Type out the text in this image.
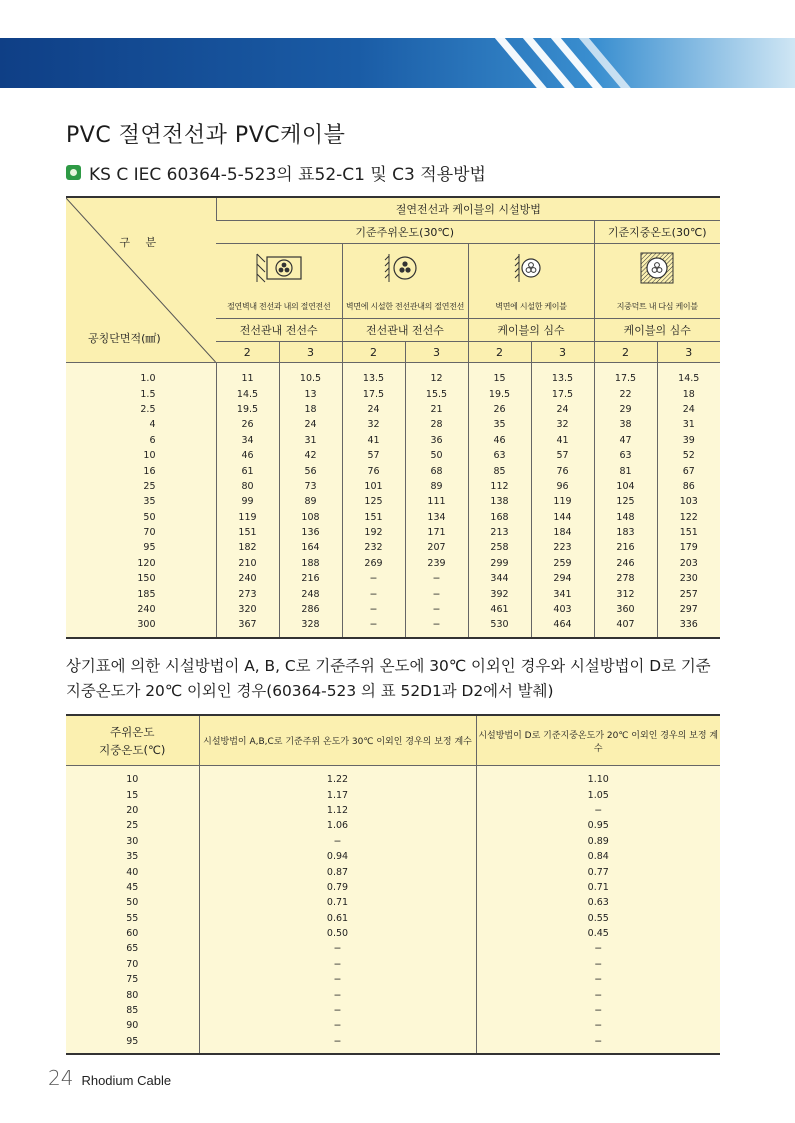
PVC 절연전선과 PVC케이블
KS C IEC 60364-5-523의 표52-C1 및 C3 적용방법
구 분
공칭단면적(㎟)	절연전선과 케이블의 시설방법							
	기준주위온도(30℃)						기준지중온도(30℃)	

	절연벽내 전선과 내의 절연전선		벽면에 시설한 전선관내의 절연전선		벽면에 시설한 케이블		지중덕트 내 다심 케이블	
	전선관내 전선수		전선관내 전선수		케이블의 심수		케이블의 심수	
	2	3	2	3	2	3	2	3
1.0	11	10.5	13.5	12	15	13.5	17.5	14.5
1.5	14.5	13	17.5	15.5	19.5	17.5	22	18
2.5	19.5	18	24	21	26	24	29	24
4	26	24	32	28	35	32	38	31
6	34	31	41	36	46	41	47	39
10	46	42	57	50	63	57	63	52
16	61	56	76	68	85	76	81	67
25	80	73	101	89	112	96	104	86
35	99	89	125	111	138	119	125	103
50	119	108	151	134	168	144	148	122
70	151	136	192	171	213	184	183	151
95	182	164	232	207	258	223	216	179
120	210	188	269	239	299	259	246	203
150	240	216	−	−	344	294	278	230
185	273	248	−	−	392	341	312	257
240	320	286	−	−	461	403	360	297
300	367	328	−	−	530	464	407	336

상기표에 의한 시설방법이 A, B, C로 기준주위 온도에 30℃ 이외인 경우와 시설방법이 D로 기준 지중온도가 20℃ 이외인 경우(60364-523 의 표 52D1과 D2에서 발췌)

주위온도
지중온도(℃)	시설방법이 A,B,C로 기준주위 온도가 30℃ 이외인 경우의 보정 계수	시설방법이 D로 기준지중온도가 20℃ 이외인 경우의 보정 계수
10	1.22	1.10
15	1.17	1.05
20	1.12	−
25	1.06	0.95
30	−	0.89
35	0.94	0.84
40	0.87	0.77
45	0.79	0.71
50	0.71	0.63
55	0.61	0.55
60	0.50	0.45
65	−	−
70	−	−
75	−	−
80	−	−
85	−	−
90	−	−
95	−	−
24 Rhodium Cable
